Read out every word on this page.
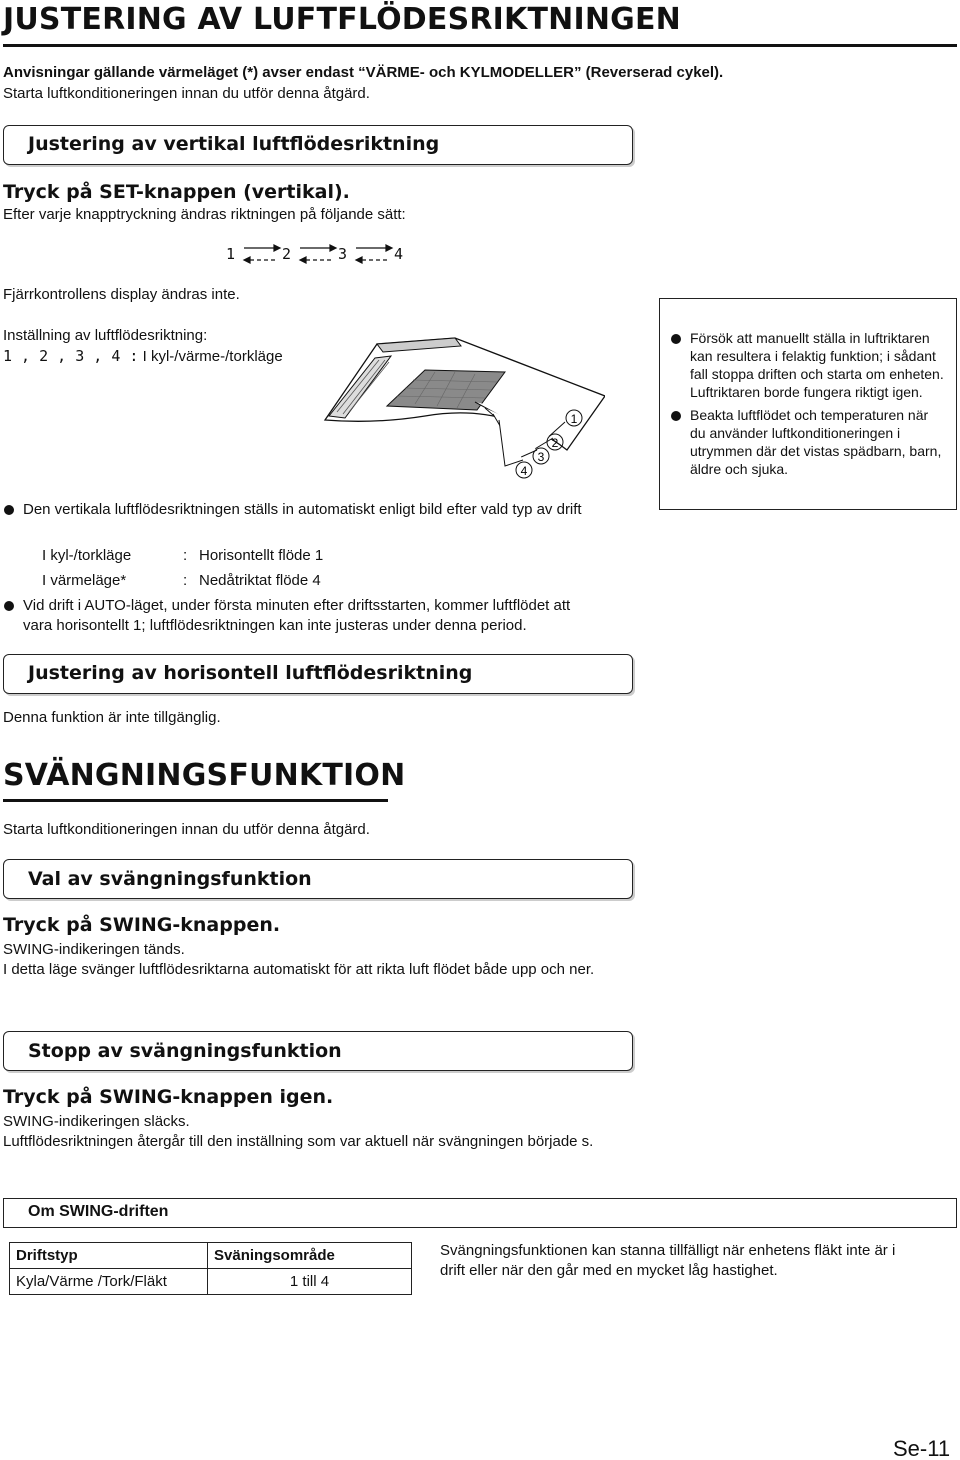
JUSTERING AV LUFTFLÖDESRIKTNINGEN
Anvisningar gällande värmeläget (*) avser endast “VÄRME- och KYLMODELLER” (Reverserad cykel).
Starta luftkonditioneringen innan du utför denna åtgärd.
Justering av vertikal luftflödesriktning
Tryck på SET-knappen (vertikal).
Efter varje knapptryckning ändras riktningen på följande sätt:
1	2	3	4
Fjärrkontrollens display ändras inte.
Inställning av luftflödesriktning:
1 , 2 , 3 , 4 : I kyl-/värme-/torkläge
1
2
3
4
Försök att manuellt ställa in luftriktaren
kan resultera i felaktig funktion; i sådant
fall stoppa driften och starta om enheten.
Luftriktaren borde fungera riktigt igen.
Beakta luftflödet och temperaturen när
du använder luftkonditioneringen i
utrymmen där det vistas spädbarn, barn,
äldre och sjuka.
Den vertikala luftflödesriktningen ställs in automatiskt enligt bild efter vald typ av drift
I kyl-/torkläge	: Horisontellt flöde 1
I värmeläge*	: Nedåtriktat flöde 4
Vid drift i AUTO-läget, under första minuten efter driftsstarten, kommer luftflödet att
vara horisontellt 1; luftflödesriktningen kan inte justeras under denna period.
Justering av horisontell luftflödesriktning
Denna funktion är inte tillgänglig.
SVÄNGNINGSFUNKTION
Starta luftkonditioneringen innan du utför denna åtgärd.
Val av svängningsfunktion
Tryck på SWING-knappen.
SWING-indikeringen tänds.
I detta läge svänger luftflödesriktarna automatiskt för att rikta luft flödet både upp och ner.
Stopp av svängningsfunktion
Tryck på SWING-knappen igen.
SWING-indikeringen släcks.
Luftflödesriktningen återgår till den inställning som var aktuell när svängningen började s.
Om SWING-driften
Driftstyp	Sväningsområde
Kyla/Värme /Tork/Fläkt	1 till 4
Svängningsfunktionen kan stanna tillfälligt när enhetens fläkt inte är i
drift eller när den går med en mycket låg hastighet.
Se-11
